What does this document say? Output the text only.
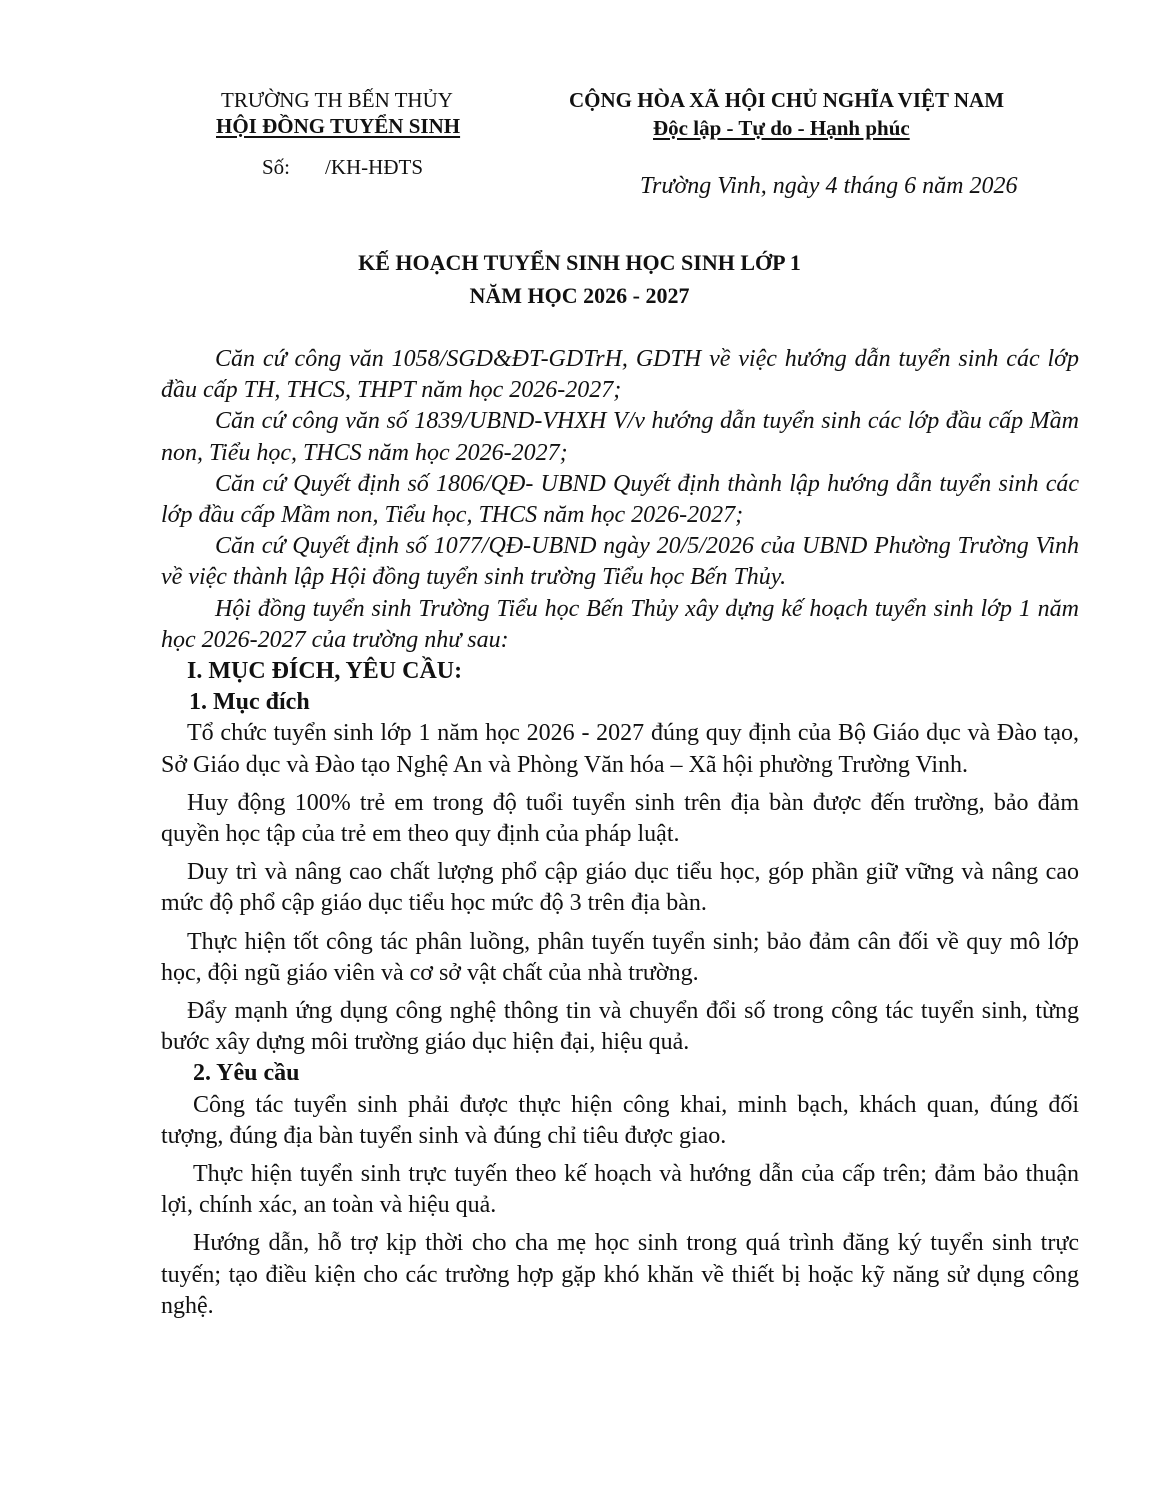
TRƯỜNG TH BẾN THỦY
HỘI ĐỒNG TUYỂN SINH
Số: /KH-HĐTS
CỘNG HÒA XÃ HỘI CHỦ NGHĨA VIỆT NAM
Độc lập - Tự do - Hạnh phúc
Trường Vinh, ngày 4 tháng 6 năm 2026
KẾ HOẠCH TUYỂN SINH HỌC SINH LỚP 1
NĂM HỌC 2026 - 2027

Căn cứ công văn 1058/SGD&ĐT-GDTrH, GDTH về việc hướng dẫn tuyển sinh các lớp đầu cấp TH, THCS, THPT năm học 2026-2027;

Căn cứ công văn số 1839/UBND-VHXH V/v hướng dẫn tuyển sinh các lớp đầu cấp Mầm non, Tiểu học, THCS năm học 2026-2027;

Căn cứ Quyết định số 1806/QĐ- UBND Quyết định thành lập hướng dẫn tuyển sinh các lớp đầu cấp Mầm non, Tiểu học, THCS năm học 2026-2027;

Căn cứ Quyết định số 1077/QĐ-UBND ngày 20/5/2026 của UBND Phường Trường Vinh về việc thành lập Hội đồng tuyển sinh trường Tiểu học Bến Thủy.

Hội đồng tuyển sinh Trường Tiểu học Bến Thủy xây dựng kế hoạch tuyển sinh lớp 1 năm học 2026-2027 của trường như sau:

I. MỤC ĐÍCH, YÊU CẦU:

1. Mục đích

Tổ chức tuyển sinh lớp 1 năm học 2026 - 2027 đúng quy định của Bộ Giáo dục và Đào tạo, Sở Giáo dục và Đào tạo Nghệ An và Phòng Văn hóa – Xã hội phường Trường Vinh.

Huy động 100% trẻ em trong độ tuổi tuyển sinh trên địa bàn được đến trường, bảo đảm quyền học tập của trẻ em theo quy định của pháp luật.

Duy trì và nâng cao chất lượng phổ cập giáo dục tiểu học, góp phần giữ vững và nâng cao mức độ phổ cập giáo dục tiểu học mức độ 3 trên địa bàn.

Thực hiện tốt công tác phân luồng, phân tuyến tuyển sinh; bảo đảm cân đối về quy mô lớp học, đội ngũ giáo viên và cơ sở vật chất của nhà trường.

Đẩy mạnh ứng dụng công nghệ thông tin và chuyển đổi số trong công tác tuyển sinh, từng bước xây dựng môi trường giáo dục hiện đại, hiệu quả.

2. Yêu cầu

Công tác tuyển sinh phải được thực hiện công khai, minh bạch, khách quan, đúng đối tượng, đúng địa bàn tuyển sinh và đúng chỉ tiêu được giao.

Thực hiện tuyển sinh trực tuyến theo kế hoạch và hướng dẫn của cấp trên; đảm bảo thuận lợi, chính xác, an toàn và hiệu quả.

Hướng dẫn, hỗ trợ kịp thời cho cha mẹ học sinh trong quá trình đăng ký tuyển sinh trực tuyến; tạo điều kiện cho các trường hợp gặp khó khăn về thiết bị hoặc kỹ năng sử dụng công nghệ.
